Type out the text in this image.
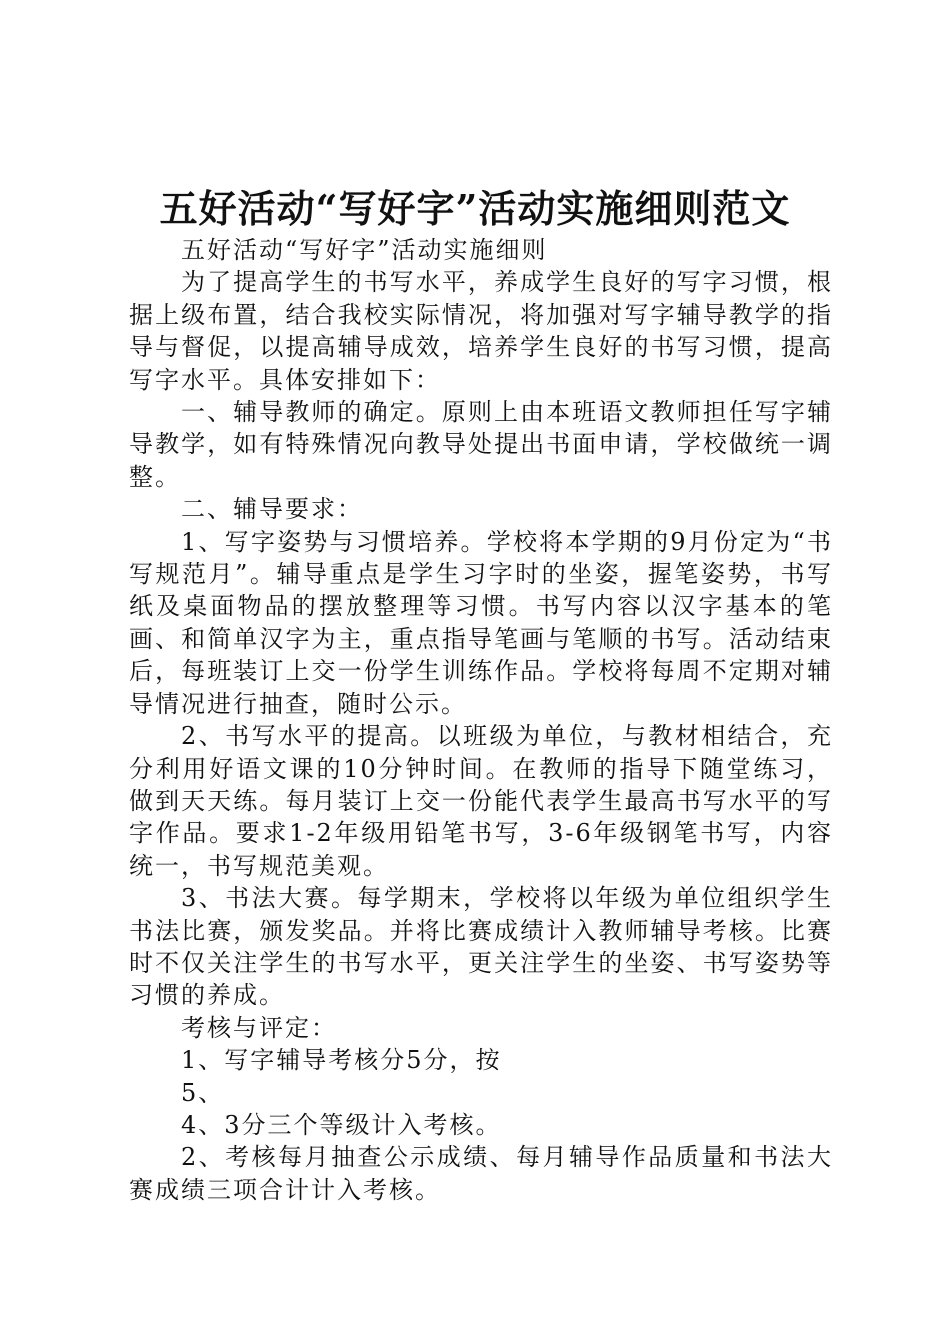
五好活动“写好字”活动实施细则范文

五好活动“写好字”活动实施细则

为了提高学生的书写水平，养成学生良好的写字习惯，根据上级布置，结合我校实际情况，将加强对写字辅导教学的指导与督促，以提高辅导成效，培养学生良好的书写习惯，提高写字水平。具体安排如下：

一、辅导教师的确定。原则上由本班语文教师担任写字辅导教学，如有特殊情况向教导处提出书面申请，学校做统一调整。

二、辅导要求：

1、写字姿势与习惯培养。学校将本学期的9月份定为“书写规范月”。辅导重点是学生习字时的坐姿，握笔姿势，书写纸及桌面物品的摆放整理等习惯。书写内容以汉字基本的笔画、和简单汉字为主，重点指导笔画与笔顺的书写。活动结束后，每班装订上交一份学生训练作品。学校将每周不定期对辅导情况进行抽查，随时公示。

2、书写水平的提高。以班级为单位，与教材相结合，充分利用好语文课的10分钟时间。在教师的指导下随堂练习，做到天天练。每月装订上交一份能代表学生最高书写水平的写字作品。要求1-2年级用铅笔书写，3-6年级钢笔书写，内容统一，书写规范美观。

3、书法大赛。每学期末，学校将以年级为单位组织学生书法比赛，颁发奖品。并将比赛成绩计入教师辅导考核。比赛时不仅关注学生的书写水平，更关注学生的坐姿、书写姿势等习惯的养成。

考核与评定：

1、写字辅导考核分5分，按

5、

4、3分三个等级计入考核。

2、考核每月抽查公示成绩、每月辅导作品质量和书法大赛成绩三项合计计入考核。
